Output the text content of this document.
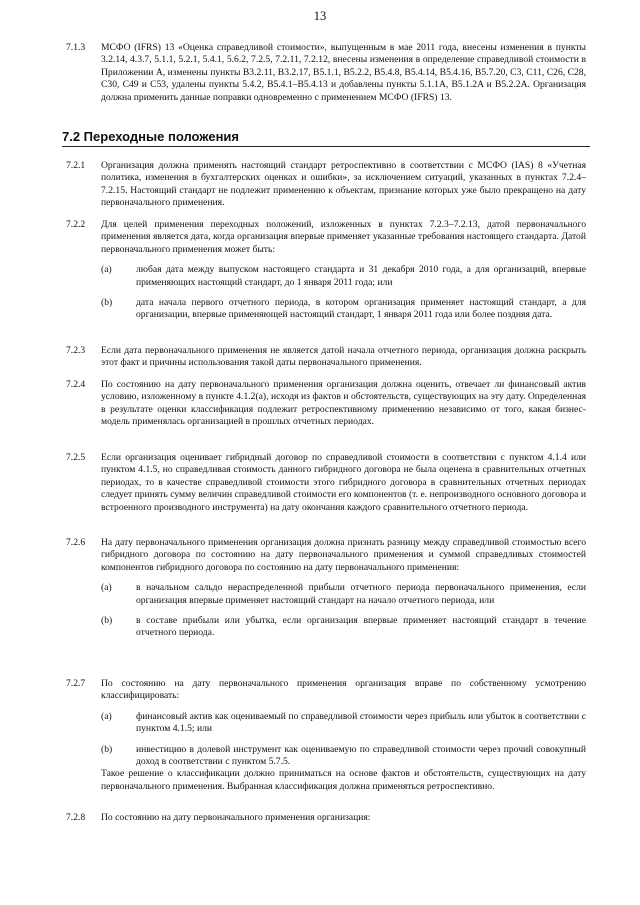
13
7.1.3 МСФО (IFRS) 13 «Оценка справедливой стоимости», выпущенным в мае 2011 года, внесены изменения в пункты 3.2.14, 4.3.7, 5.1.1, 5.2.1, 5.4.1, 5.6.2, 7.2.5, 7.2.11, 7.2.12, внесены изменения в определение справедливой стоимости в Приложении А, изменены пункты B3.2.11, B3.2.17, B5.1.1, B5.2.2, B5.4.8, B5.4.14, B5.4.16, B5.7.20, C3, C11, C26, C28, C30, C49 и C53, удалены пункты 5.4.2, B5.4.1–B5.4.13 и добавлены пункты 5.1.1A, B5.1.2A и B5.2.2A. Организация должна применить данные поправки одновременно с применением МСФО (IFRS) 13.

7.2 Переходные положения
7.2.1 Организация должна применять настоящий стандарт ретроспективно в соответствии с МСФО (IAS) 8 «Учетная политика, изменения в бухгалтерских оценках и ошибки», за исключением ситуаций, указанных в пунктах 7.2.4–7.2.15. Настоящий стандарт не подлежит применению к объектам, признание которых уже было прекращено на дату первоначального применения.

7.2.2 Для целей применения переходных положений, изложенных в пунктах 7.2.3–7.2.13, датой первоначального применения является дата, когда организация впервые применяет указанные требования настоящего стандарта. Датой первоначального применения может быть:

(a)	любая дата между выпуском настоящего стандарта и 31 декабря 2010 года, а для организаций, впервые применяющих настоящий стандарт, до 1 января 2011 года; или
(b) дата начала первого отчетного периода, в котором организация применяет настоящий стандарт, а для организации, впервые применяющей настоящий стандарт, 1 января 2011 года или более поздняя дата.
7.2.3 Если дата первоначального применения не является датой начала отчетного периода, организация должна раскрыть этот факт и причины использования такой даты первоначального применения.

7.2.4 По состоянию на дату первоначального применения организация должна оценить, отвечает ли финансовый актив условию, изложенному в пункте 4.1.2(а), исходя из фактов и обстоятельств, существующих на эту дату. Определенная в результате оценки классификация подлежит ретроспективному применению независимо от того, какая бизнес-модель применялась организацией в прошлых отчетных периодах.

7.2.5 Если организация оценивает гибридный договор по справедливой стоимости в соответствии с пунктом 4.1.4 или пунктом 4.1.5, но справедливая стоимость данного гибридного договора не была оценена в сравнительных отчетных периодах, то в качестве справедливой стоимости этого гибридного договора в сравнительных отчетных периодах следует принять сумму величин справедливой стоимости его компонентов (т. е. непроизводного основного договора и встроенного производного инструмента) на дату окончания каждого сравнительного отчетного периода.

7.2.6 На дату первоначального применения организация должна признать разницу между справедливой стоимостью всего гибридного договора по состоянию на дату первоначального применения и суммой справедливых стоимостей компонентов гибридного договора по состоянию на дату первоначального применения:

(a)	в начальном сальдо нераспределенной прибыли отчетного периода первоначального применения, если организация впервые применяет настоящий стандарт на начало отчетного периода, или
(b) в составе прибыли или убытка, если организация впервые применяет настоящий стандарт в течение отчетного периода.
7.2.7 По состоянию на дату первоначального применения организация вправе по собственному усмотрению классифицировать:

(a)	финансовый актив как оцениваемый по справедливой стоимости через прибыль или убыток в соответствии с пунктом 4.1.5; или
(b) инвестицию в долевой инструмент как оцениваемую по справедливой стоимости через прочий совокупный доход в соответствии с пунктом 5.7.5.

Такое решение о классификации должно приниматься на основе фактов и обстоятельств, существующих на дату первоначального применения. Выбранная классификация должна применяться ретроспективно.

7.2.8 По состоянию на дату первоначального применения организация:
